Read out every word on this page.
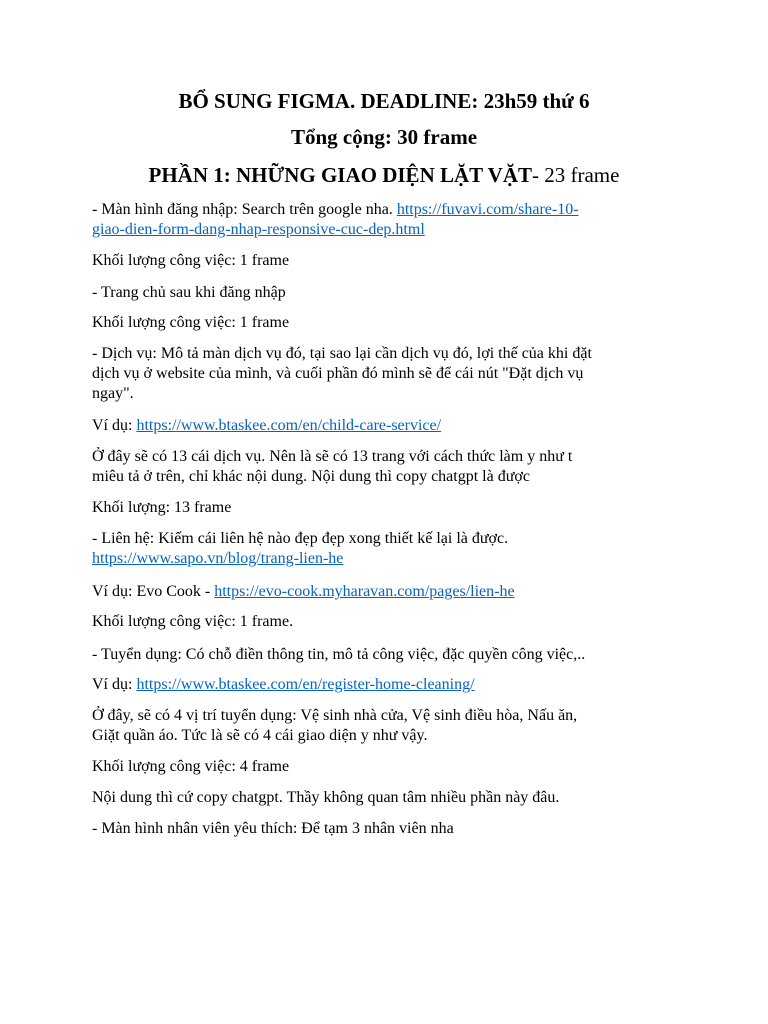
BỔ SUNG FIGMA. DEADLINE: 23h59 thứ 6
Tổng cộng: 30 frame
PHẦN 1: NHỮNG GIAO DIỆN LẶT VẶT- 23 frame
- Màn hình đăng nhập: Search trên google nha. https://fuvavi.com/share-10-
giao-dien-form-dang-nhap-responsive-cuc-dep.html
Khối lượng công việc: 1 frame
- Trang chủ sau khi đăng nhập
Khối lượng công việc: 1 frame
- Dịch vụ: Mô tả màn dịch vụ đó, tại sao lại cần dịch vụ đó, lợi thế của khi đặt
dịch vụ ở website của mình, và cuối phần đó mình sẽ để cái nút "Đặt dịch vụ
ngay".
Ví dụ: https://www.btaskee.com/en/child-care-service/
Ở đây sẽ có 13 cái dịch vụ. Nên là sẽ có 13 trang với cách thức làm y như t
miêu tả ở trên, chỉ khác nội dung. Nội dung thì copy chatgpt là được
Khối lượng: 13 frame
- Liên hệ: Kiếm cái liên hệ nào đẹp đẹp xong thiết kế lại là được.
https://www.sapo.vn/blog/trang-lien-he
Ví dụ: Evo Cook - https://evo-cook.myharavan.com/pages/lien-he
Khối lượng công việc: 1 frame.
- Tuyển dụng: Có chỗ điền thông tin, mô tả công việc, đặc quyền công việc,..
Ví dụ: https://www.btaskee.com/en/register-home-cleaning/
Ở đây, sẽ có 4 vị trí tuyển dụng: Vệ sinh nhà cửa, Vệ sinh điều hòa, Nấu ăn,
Giặt quần áo. Tức là sẽ có 4 cái giao diện y như vậy.
Khối lượng công việc: 4 frame
Nội dung thì cứ copy chatgpt. Thầy không quan tâm nhiều phần này đâu.
- Màn hình nhân viên yêu thích: Để tạm 3 nhân viên nha
